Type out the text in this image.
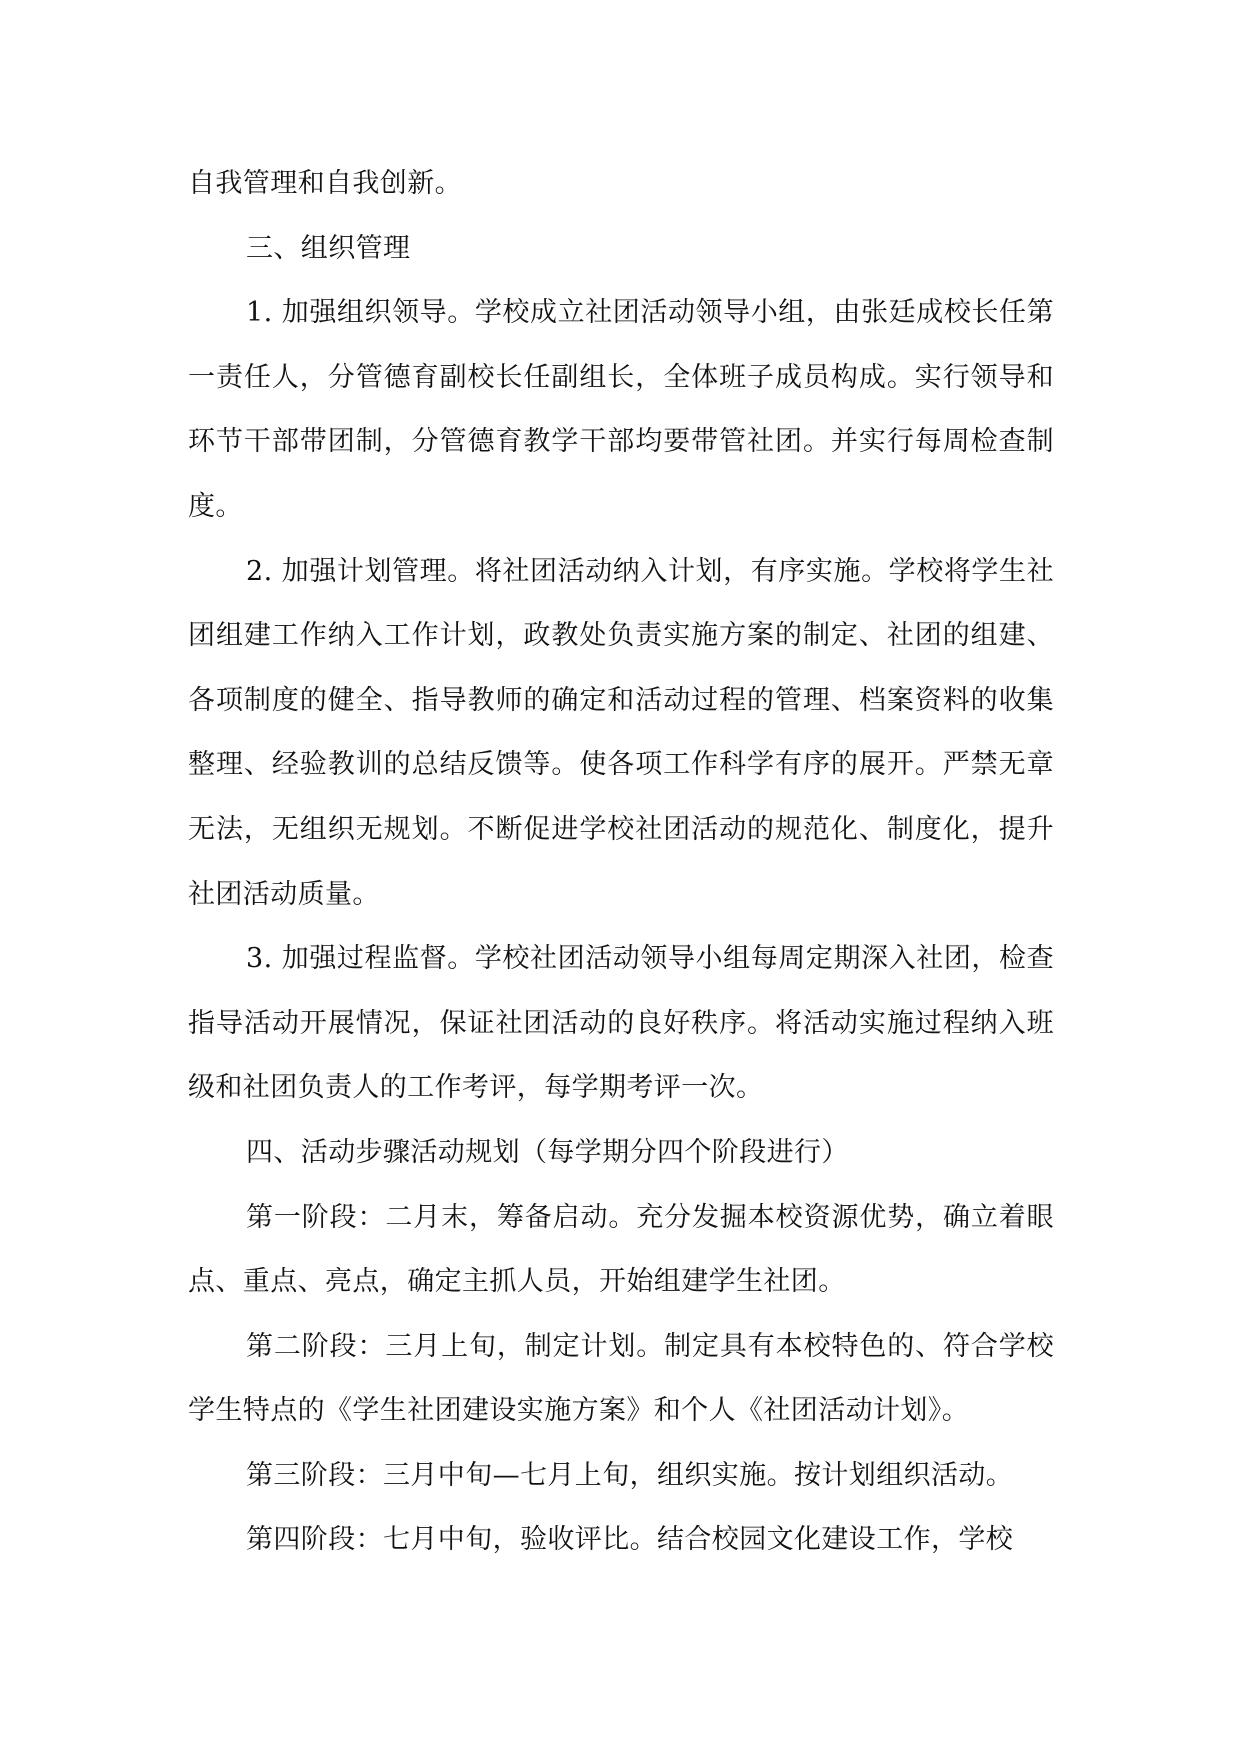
自我管理和自我创新。

三、组织管理

1. 加强组织领导。学校成立社团活动领导小组，由张廷成校长任第一责任人，分管德育副校长任副组长，全体班子成员构成。实行领导和环节干部带团制，分管德育教学干部均要带管社团。并实行每周检查制度。

2. 加强计划管理。将社团活动纳入计划，有序实施。学校将学生社团组建工作纳入工作计划，政教处负责实施方案的制定、社团的组建、各项制度的健全、指导教师的确定和活动过程的管理、档案资料的收集整理、经验教训的总结反馈等。使各项工作科学有序的展开。严禁无章无法，无组织无规划。不断促进学校社团活动的规范化、制度化，提升社团活动质量。

3. 加强过程监督。学校社团活动领导小组每周定期深入社团，检查指导活动开展情况，保证社团活动的良好秩序。将活动实施过程纳入班级和社团负责人的工作考评，每学期考评一次。

四、活动步骤活动规划（每学期分四个阶段进行）

第一阶段：二月末，筹备启动。充分发掘本校资源优势，确立着眼点、重点、亮点，确定主抓人员，开始组建学生社团。

第二阶段：三月上旬，制定计划。制定具有本校特色的、符合学校学生特点的《学生社团建设实施方案》和个人《社团活动计划》。

第三阶段：三月中旬—七月上旬，组织实施。按计划组织活动。

第四阶段：七月中旬，验收评比。结合校园文化建设工作，学校
